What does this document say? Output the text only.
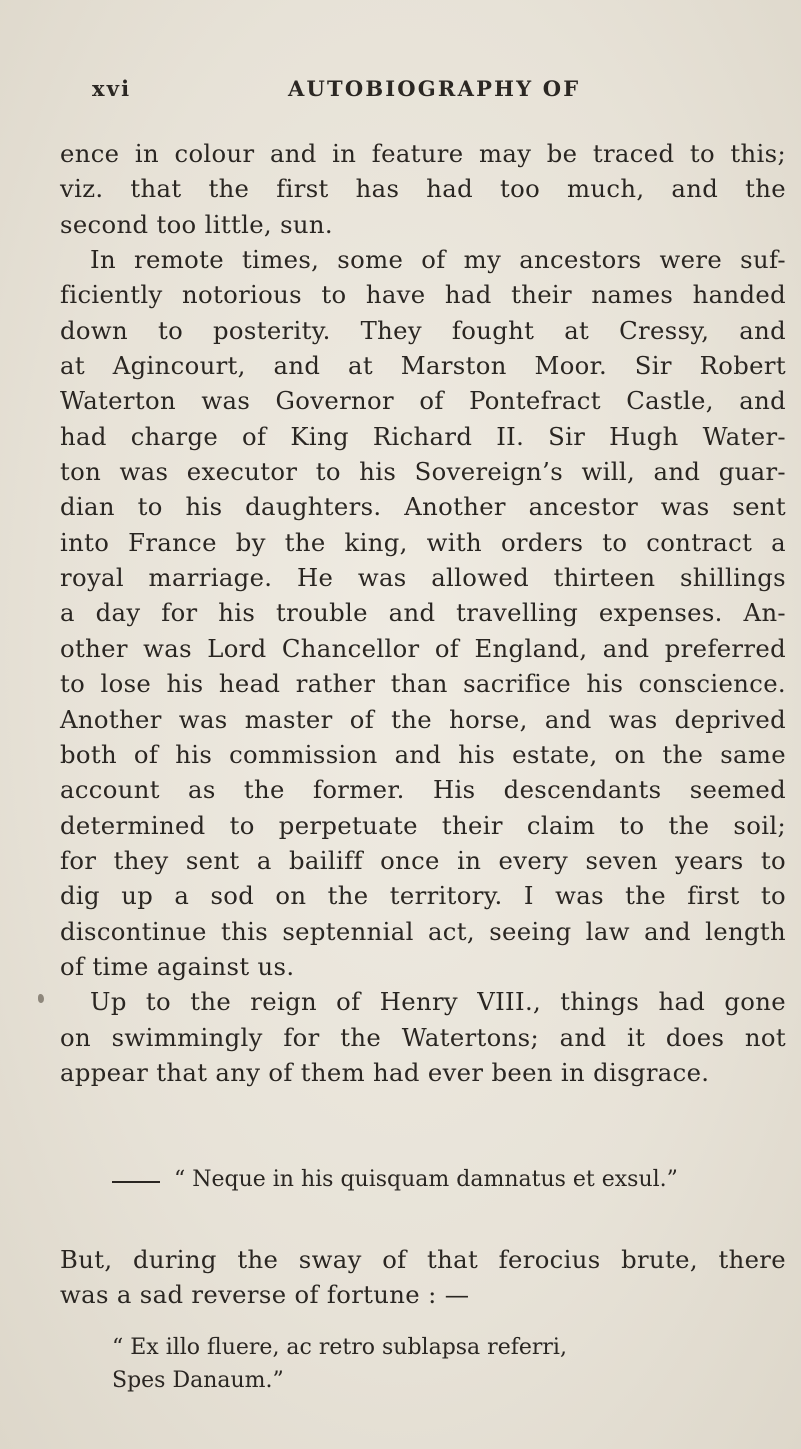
xvi	AUTOBIOGRAPHY OF
ence in colour and in feature may be traced to this;
viz. that the first has had too much, and the
second too little, sun.
In remote times, some of my ancestors were suf-
ficiently notorious to have had their names handed
down to posterity. They fought at Cressy, and
at Agincourt, and at Marston Moor. Sir Robert
Waterton was Governor of Pontefract Castle, and
had charge of King Richard II. Sir Hugh Water-
ton was executor to his Sovereign’s will, and guar-
dian to his daughters. Another ancestor was sent
into France by the king, with orders to contract a
royal marriage. He was allowed thirteen shillings
a day for his trouble and travelling expenses. An-
other was Lord Chancellor of England, and preferred
to lose his head rather than sacrifice his conscience.
Another was master of the horse, and was deprived
both of his commission and his estate, on the same
account as the former. His descendants seemed
determined to perpetuate their claim to the soil;
for they sent a bailiff once in every seven years to
dig up a sod on the territory. I was the first to
discontinue this septennial act, seeing law and length
of time against us.
Up to the reign of Henry VIII., things had gone
on swimmingly for the Watertons; and it does not
appear that any of them had ever been in disgrace.
“ Neque in his quisquam damnatus et exsul.”
But, during the sway of that ferocius brute, there
was a sad reverse of fortune : —
“ Ex illo fluere, ac retro sublapsa referri,
Spes Danaum.”
